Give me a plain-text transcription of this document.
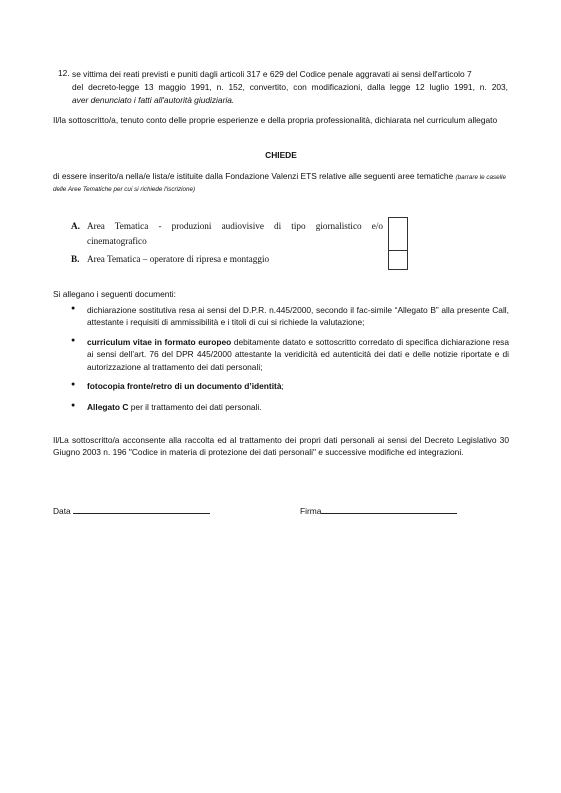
12. se vittima dei reati previsti e puniti dagli articoli 317 e 629 del Codice penale aggravati ai sensi dell'articolo 7

del decreto-legge 13 maggio 1991, n. 152, convertito, con modificazioni, dalla legge 12 luglio 1991, n. 203,

aver denunciato i fatti all'autorità giudiziaria.

Il/la sottoscritto/a, tenuto conto delle proprie esperienze e della propria professionalità, dichiarata nel curriculum allegato

CHIEDE

di essere inserito/a nella/e lista/e istituite dalla Fondazione Valenzi ETS relative alle seguenti aree tematiche (barrare le caselle delle Aree Tematiche per cui si richiede l'iscrizione)

A. Area Tematica - produzioni audiovisive di tipo giornalistico e/o

cinematografico

B. Area Tematica – operatore di ripresa e montaggio

Si allegano i seguenti documenti:

● dichiarazione sostitutiva resa ai sensi del D.P.R. n.445/2000, secondo il fac-simile “Allegato B” alla presente Call, attestante i requisiti di ammissibilità e i titoli di cui si richiede la valutazione;

● curriculum vitae in formato europeo debitamente datato e sottoscritto corredato di specifica dichiarazione resa ai sensi dell’art. 76 del DPR 445/2000 attestante la veridicità ed autenticità dei dati e delle notizie riportate e di autorizzazione al trattamento dei dati personali;

● fotocopia fronte/retro di un documento d’identità;

● Allegato C per il trattamento dei dati personali.

Il/La sottoscritto/a acconsente alla raccolta ed al trattamento dei propri dati personali ai sensi del Decreto Legislativo 30 Giugno 2003 n. 196 "Codice in materia di protezione dei dati personali" e successive modifiche ed integrazioni.

Data	Firma
